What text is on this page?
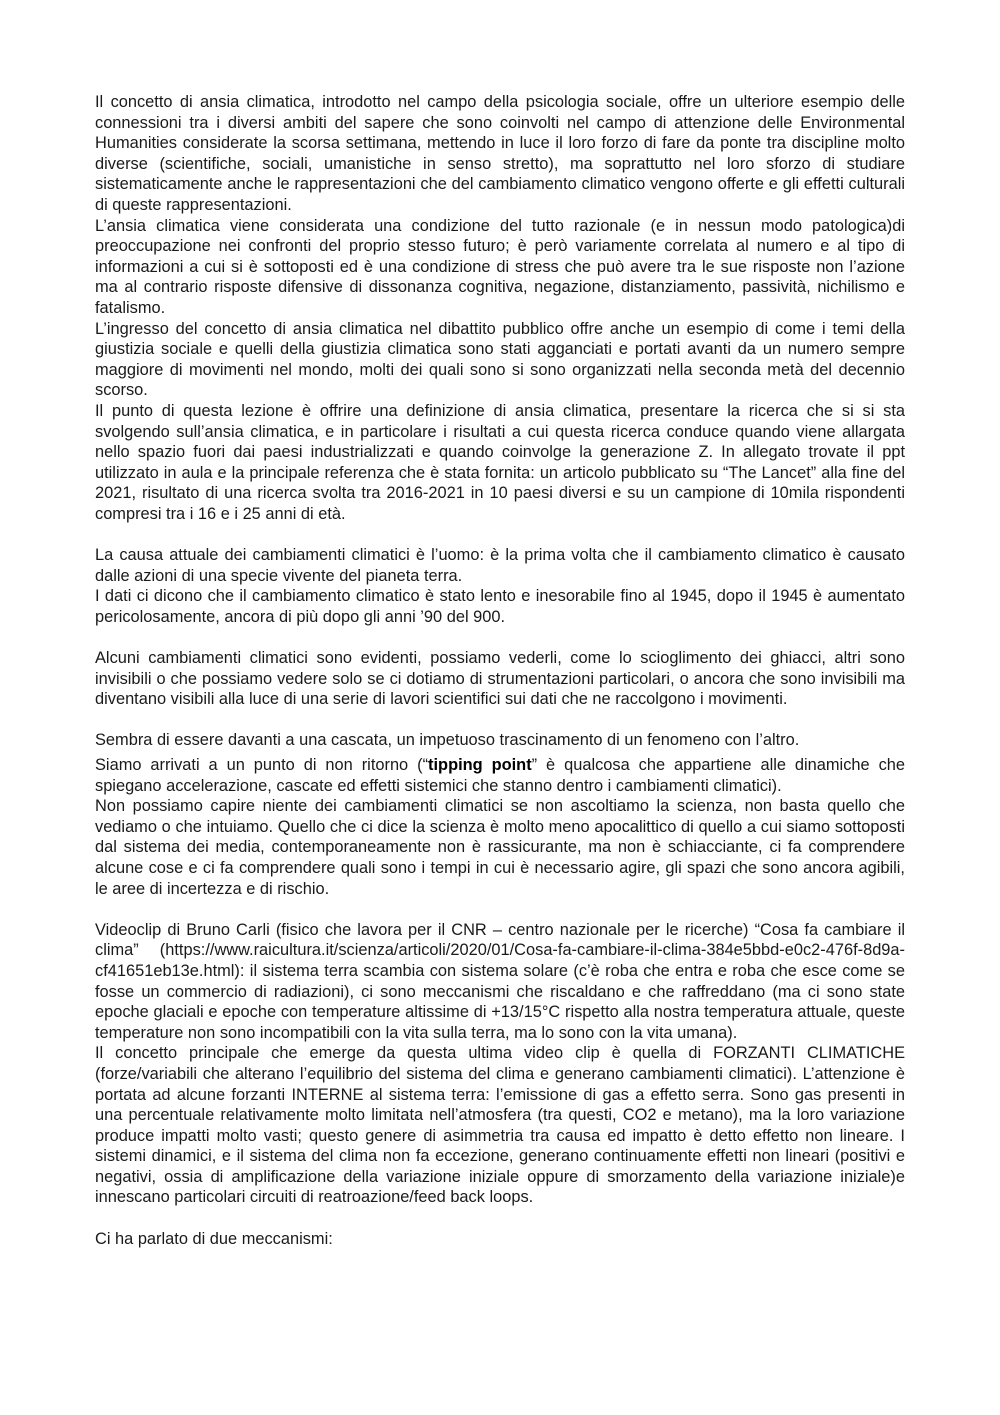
Il concetto di ansia climatica, introdotto nel campo della psicologia sociale, offre un ulteriore esempio delle connessioni tra i diversi ambiti del sapere che sono coinvolti nel campo di attenzione delle Environmental Humanities considerate la scorsa settimana, mettendo in luce il loro forzo di fare da ponte tra discipline molto diverse (scientifiche, sociali, umanistiche in senso stretto), ma soprattutto nel loro sforzo di studiare sistematicamente anche le rappresentazioni che del cambiamento climatico vengono offerte e gli effetti culturali di queste rappresentazioni.

L’ansia climatica viene considerata una condizione del tutto razionale (e in nessun modo patologica)di preoccupazione nei confronti del proprio stesso futuro; è però variamente correlata al numero e al tipo di informazioni a cui si è sottoposti ed è una condizione di stress che può avere tra le sue risposte non l’azione ma al contrario risposte difensive di dissonanza cognitiva, negazione, distanziamento, passività, nichilismo e fatalismo.

L’ingresso del concetto di ansia climatica nel dibattito pubblico offre anche un esempio di come i temi della giustizia sociale e quelli della giustizia climatica sono stati agganciati e portati avanti da un numero sempre maggiore di movimenti nel mondo, molti dei quali sono si sono organizzati nella seconda metà del decennio scorso.

Il punto di questa lezione è offrire una definizione di ansia climatica, presentare la ricerca che si si sta svolgendo sull’ansia climatica, e in particolare i risultati a cui questa ricerca conduce quando viene allargata nello spazio fuori dai paesi industrializzati e quando coinvolge la generazione Z. In allegato trovate il ppt utilizzato in aula e la principale referenza che è stata fornita: un articolo pubblicato su “The Lancet” alla fine del 2021, risultato di una ricerca svolta tra 2016-2021 in 10 paesi diversi e su un campione di 10mila rispondenti compresi tra i 16 e i 25 anni di età.

La causa attuale dei cambiamenti climatici è l’uomo: è la prima volta che il cambiamento climatico è causato dalle azioni di una specie vivente del pianeta terra.

I dati ci dicono che il cambiamento climatico è stato lento e inesorabile fino al 1945, dopo il 1945 è aumentato pericolosamente, ancora di più dopo gli anni ’90 del 900.

Alcuni cambiamenti climatici sono evidenti, possiamo vederli, come lo scioglimento dei ghiacci, altri sono invisibili o che possiamo vedere solo se ci dotiamo di strumentazioni particolari, o ancora che sono invisibili ma diventano visibili alla luce di una serie di lavori scientifici sui dati che ne raccolgono i movimenti.

Sembra di essere davanti a una cascata, un impetuoso trascinamento di un fenomeno con l’altro.

Siamo arrivati a un punto di non ritorno (“tipping point” è qualcosa che appartiene alle dinamiche che spiegano accelerazione, cascate ed effetti sistemici che stanno dentro i cambiamenti climatici).

Non possiamo capire niente dei cambiamenti climatici se non ascoltiamo la scienza, non basta quello che vediamo o che intuiamo. Quello che ci dice la scienza è molto meno apocalittico di quello a cui siamo sottoposti dal sistema dei media, contemporaneamente non è rassicurante, ma non è schiacciante, ci fa comprendere alcune cose e ci fa comprendere quali sono i tempi in cui è necessario agire, gli spazi che sono ancora agibili, le aree di incertezza e di rischio.

Videoclip di Bruno Carli (fisico che lavora per il CNR – centro nazionale per le ricerche) “Cosa fa cambiare il clima” (https://www.raicultura.it/scienza/articoli/2020/01/Cosa-fa-cambiare-il-clima-384e5bbd-e0c2-476f-8d9a-cf41651eb13e.html): il sistema terra scambia con sistema solare (c’è roba che entra e roba che esce come se fosse un commercio di radiazioni), ci sono meccanismi che riscaldano e che raffreddano (ma ci sono state epoche glaciali e epoche con temperature altissime di +13/15°C rispetto alla nostra temperatura attuale, queste temperature non sono incompatibili con la vita sulla terra, ma lo sono con la vita umana).

Il concetto principale che emerge da questa ultima video clip è quella di FORZANTI CLIMATICHE (forze/variabili che alterano l’equilibrio del sistema del clima e generano cambiamenti climatici). L’attenzione è portata ad alcune forzanti INTERNE al sistema terra: l’emissione di gas a effetto serra. Sono gas presenti in una percentuale relativamente molto limitata nell’atmosfera (tra questi, CO2 e metano), ma la loro variazione produce impatti molto vasti; questo genere di asimmetria tra causa ed impatto è detto effetto non lineare. I sistemi dinamici, e il sistema del clima non fa eccezione, generano continuamente effetti non lineari (positivi e negativi, ossia di amplificazione della variazione iniziale oppure di smorzamento della variazione iniziale)e innescano particolari circuiti di reatroazione/feed back loops.

Ci ha parlato di due meccanismi:
